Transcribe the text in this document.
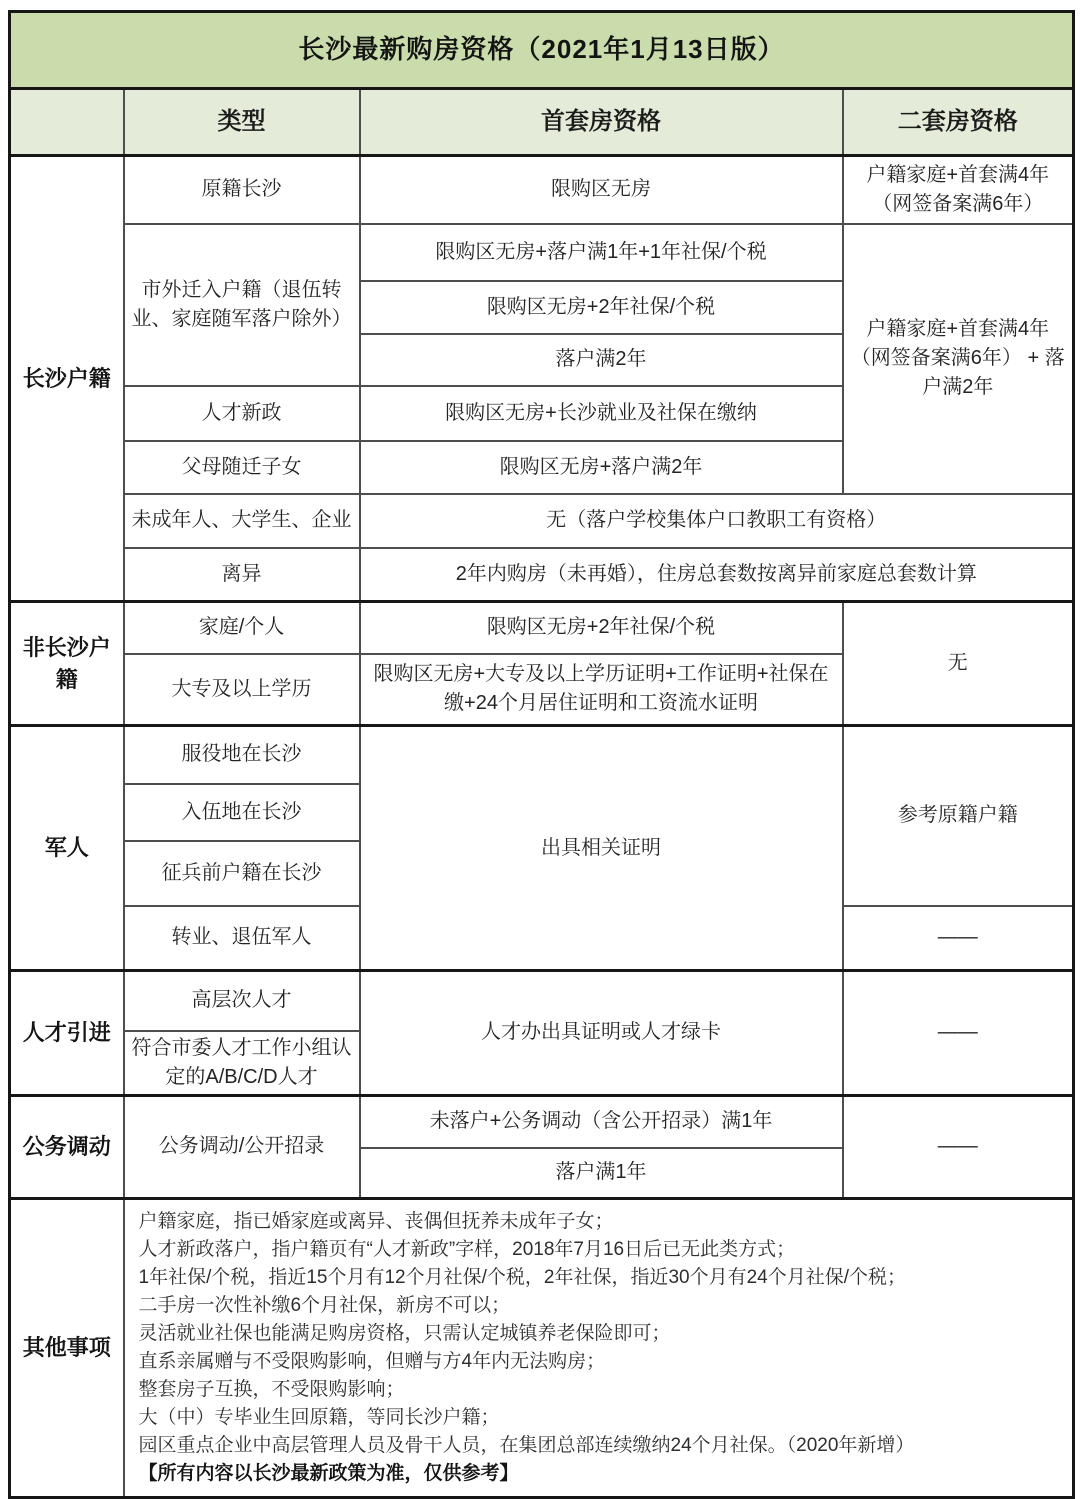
长沙最新购房资格（2021年1月13日版）			
	类型	首套房资格	二套房资格
长沙户籍	原籍长沙	限购区无房	户籍家庭+首套满4年（网签备案满6年）
	市外迁入户籍（退伍转业、家庭随军落户除外）	限购区无房+落户满1年+1年社保/个税	户籍家庭+首套满4年（网签备案满6年） + 落户满2年
		限购区无房+2年社保/个税	
		落户满2年	
	人才新政	限购区无房+长沙就业及社保在缴纳	
	父母随迁子女	限购区无房+落户满2年	
	未成年人、大学生、企业	无（落户学校集体户口教职工有资格）	
	离异	2年内购房（未再婚），住房总套数按离异前家庭总套数计算	
非长沙户籍	家庭/个人	限购区无房+2年社保/个税	无
	大专及以上学历	限购区无房+大专及以上学历证明+工作证明+社保在缴+24个月居住证明和工资流水证明	
军人	服役地在长沙	出具相关证明	参考原籍户籍
	入伍地在长沙		
	征兵前户籍在长沙		
	转业、退伍军人		——
人才引进	高层次人才	人才办出具证明或人才绿卡	——
	符合市委人才工作小组认定的A/B/C/D人才		
公务调动	公务调动/公开招录	未落户+公务调动（含公开招录）满1年	——
		落户满1年	
其他事项	
户籍家庭，指已婚家庭或离异、丧偶但抚养未成年子女；
人才新政落户，指户籍页有“人才新政”字样，2018年7月16日后已无此类方式；
1年社保/个税，指近15个月有12个月社保/个税，2年社保，指近30个月有24个月社保/个税；
二手房一次性补缴6个月社保，新房不可以；
灵活就业社保也能满足购房资格，只需认定城镇养老保险即可；
直系亲属赠与不受限购影响，但赠与方4年内无法购房；
整套房子互换，不受限购影响；
大（中）专毕业生回原籍，等同长沙户籍；
园区重点企业中高层管理人员及骨干人员，在集团总部连续缴纳24个月社保。（2020年新增）
【所有内容以长沙最新政策为准，仅供参考】
